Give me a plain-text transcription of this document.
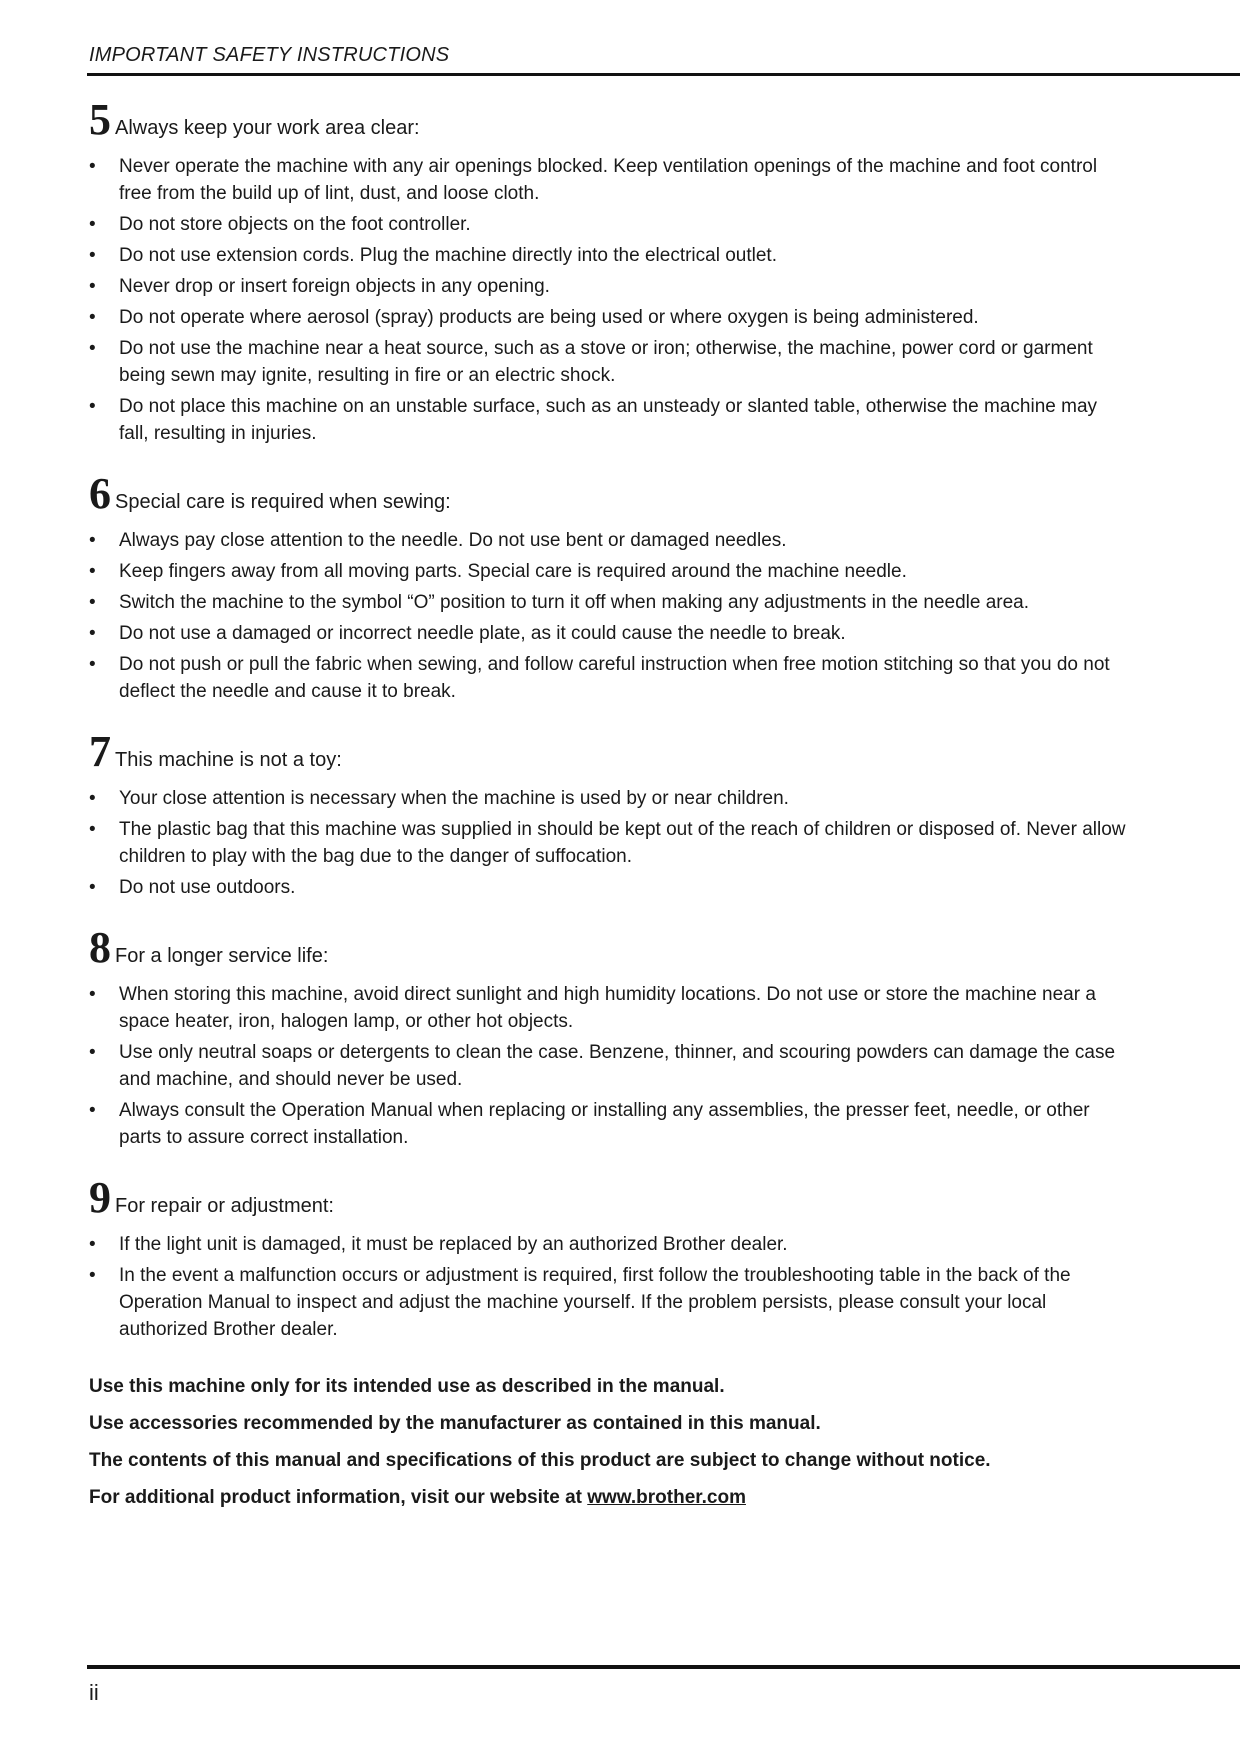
IMPORTANT SAFETY INSTRUCTIONS
5 Always keep your work area clear:
•	Never operate the machine with any air openings blocked. Keep ventilation openings of the machine and foot control free from the build up of lint, dust, and loose cloth.
•	Do not store objects on the foot controller.
•	Do not use extension cords. Plug the machine directly into the electrical outlet.
•	Never drop or insert foreign objects in any opening.
•	Do not operate where aerosol (spray) products are being used or where oxygen is being administered.
•	Do not use the machine near a heat source, such as a stove or iron; otherwise, the machine, power cord or garment being sewn may ignite, resulting in fire or an electric shock.
•	Do not place this machine on an unstable surface, such as an unsteady or slanted table, otherwise the machine may fall, resulting in injuries.
6 Special care is required when sewing:
•	Always pay close attention to the needle. Do not use bent or damaged needles.
•	Keep fingers away from all moving parts. Special care is required around the machine needle.
•	Switch the machine to the symbol “O” position to turn it off when making any adjustments in the needle area.
•	Do not use a damaged or incorrect needle plate, as it could cause the needle to break.
•	Do not push or pull the fabric when sewing, and follow careful instruction when free motion stitching so that you do not deflect the needle and cause it to break.
7 This machine is not a toy:
•	Your close attention is necessary when the machine is used by or near children.
•	The plastic bag that this machine was supplied in should be kept out of the reach of children or disposed of. Never allow children to play with the bag due to the danger of suffocation.
•	Do not use outdoors.
8 For a longer service life:
•	When storing this machine, avoid direct sunlight and high humidity locations. Do not use or store the machine near a space heater, iron, halogen lamp, or other hot objects.
•	Use only neutral soaps or detergents to clean the case. Benzene, thinner, and scouring powders can damage the case and machine, and should never be used.
•	Always consult the Operation Manual when replacing or installing any assemblies, the presser feet, needle, or other parts to assure correct installation.
9 For repair or adjustment:
•	If the light unit is damaged, it must be replaced by an authorized Brother dealer.
•	In the event a malfunction occurs or adjustment is required, first follow the troubleshooting table in the back of the Operation Manual to inspect and adjust the machine yourself. If the problem persists, please consult your local authorized Brother dealer.
Use this machine only for its intended use as described in the manual.
Use accessories recommended by the manufacturer as contained in this manual.
The contents of this manual and specifications of this product are subject to change without notice.
For additional product information, visit our website at www.brother.com
ii
